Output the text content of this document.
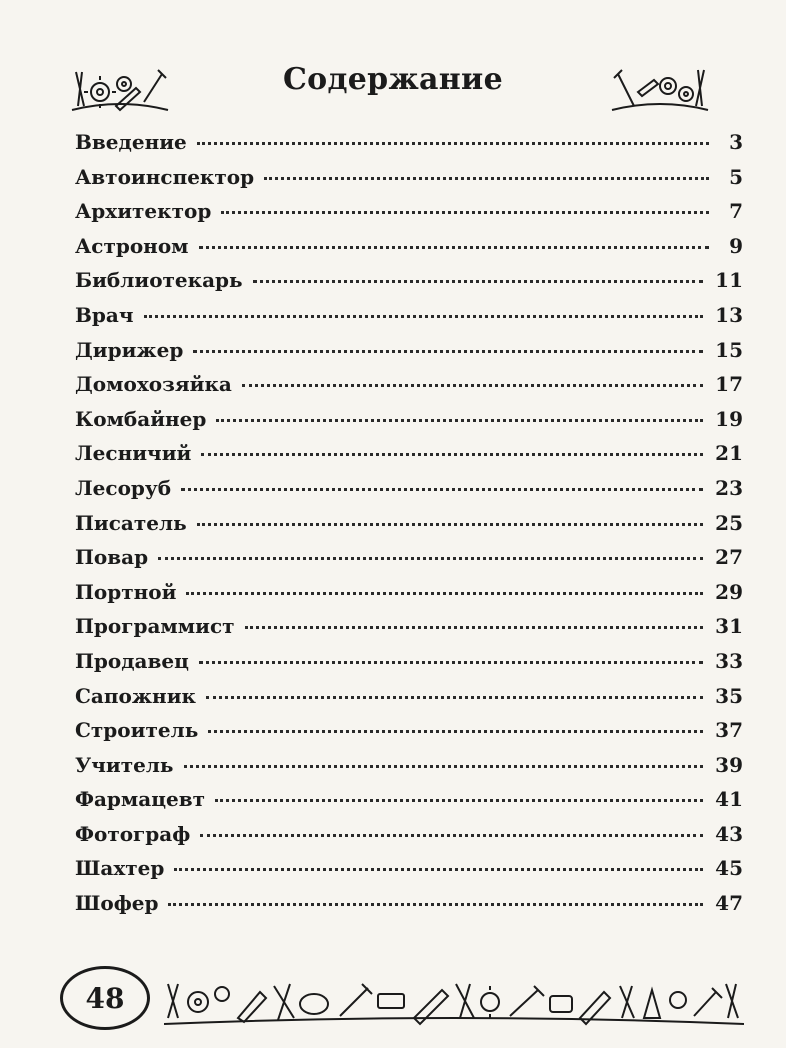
Содержание
Введение	3
Автоинспектор	5
Архитектор	7
Астроном	9
Библиотекарь	11
Врач	13
Дирижер	15
Домохозяйка	17
Комбайнер	19
Лесничий	21
Лесоруб	23
Писатель	25
Повар	27
Портной	29
Программист	31
Продавец	33
Сапожник	35
Строитель	37
Учитель	39
Фармацевт	41
Фотограф	43
Шахтер	45
Шофер	47
48
